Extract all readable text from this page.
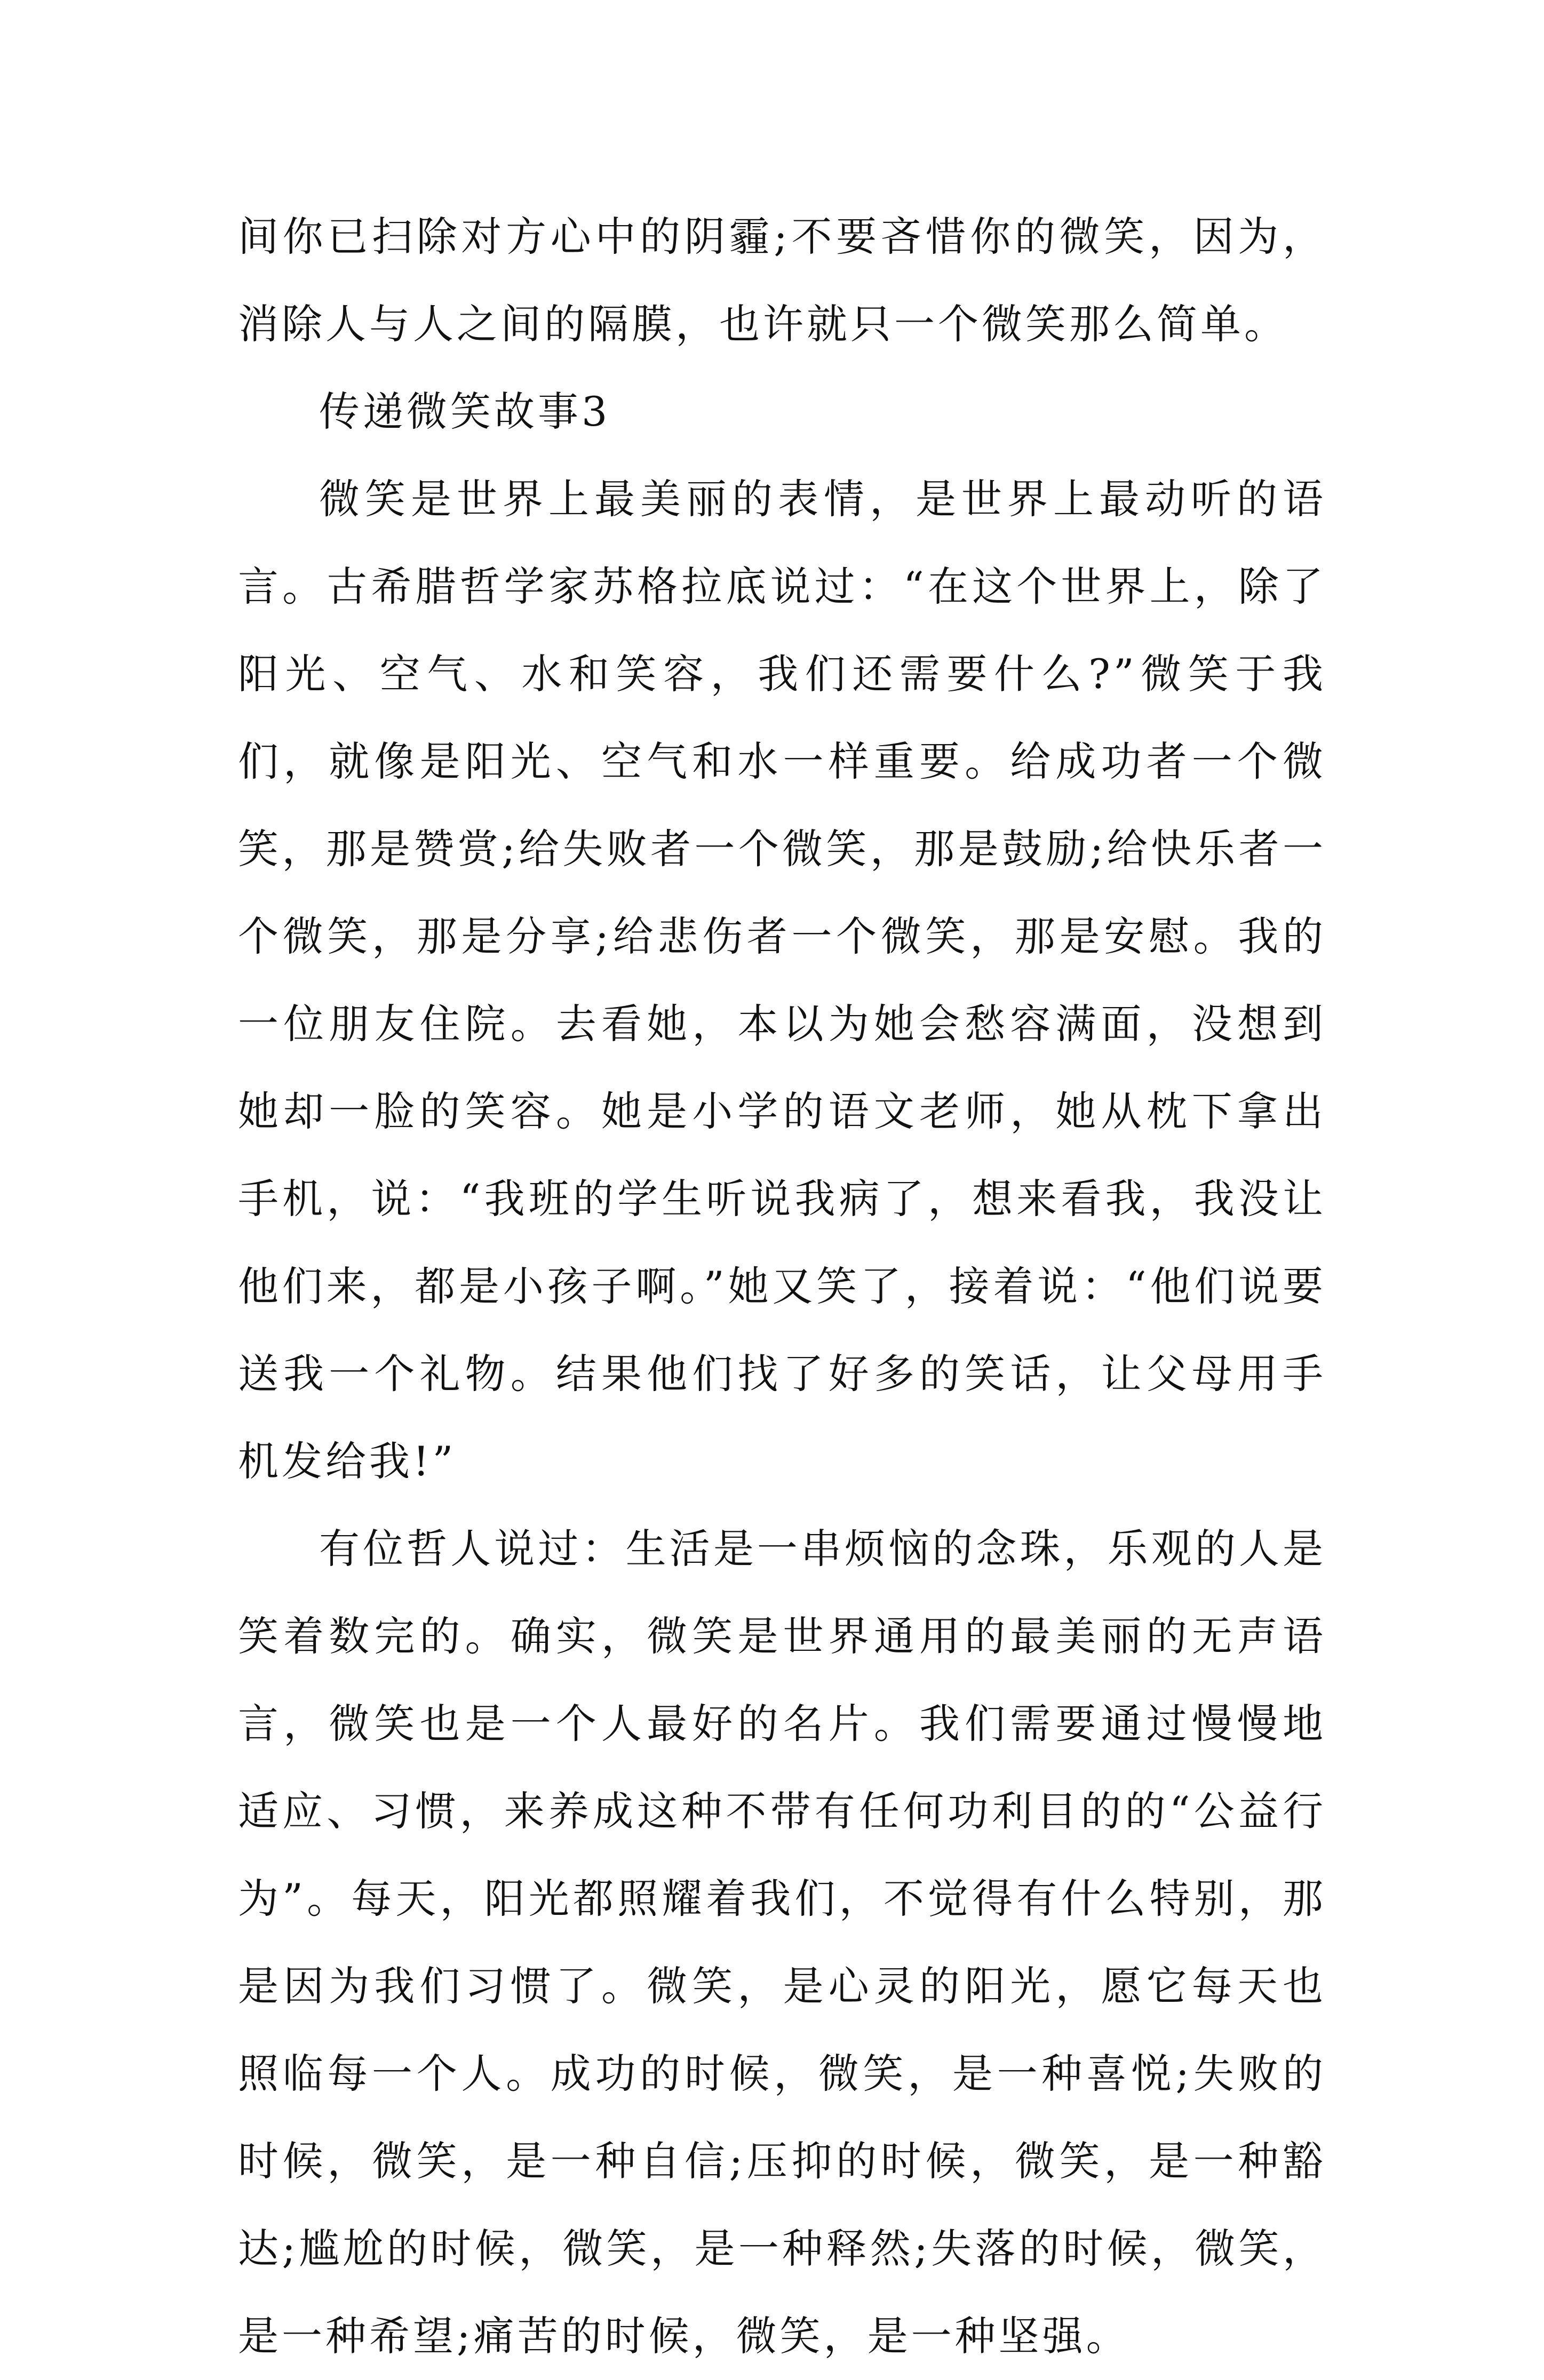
间你已扫除对方心中的阴霾;不要吝惜你的微笑，因为，消除人与人之间的隔膜，也许就只一个微笑那么简单。

传递微笑故事3

微笑是世界上最美丽的表情，是世界上最动听的语言。古希腊哲学家苏格拉底说过：“在这个世界上，除了阳光、空气、水和笑容，我们还需要什么?”微笑于我们，就像是阳光、空气和水一样重要。给成功者一个微笑，那是赞赏;给失败者一个微笑，那是鼓励;给快乐者一个微笑，那是分享;给悲伤者一个微笑，那是安慰。我的一位朋友住院。去看她，本以为她会愁容满面，没想到她却一脸的笑容。她是小学的语文老师，她从枕下拿出手机，说：“我班的学生听说我病了，想来看我，我没让他们来，都是小孩子啊。”她又笑了，接着说：“他们说要送我一个礼物。结果他们找了好多的笑话，让父母用手机发给我!”

有位哲人说过：生活是一串烦恼的念珠，乐观的人是笑着数完的。确实，微笑是世界通用的最美丽的无声语言，微笑也是一个人最好的名片。我们需要通过慢慢地适应、习惯，来养成这种不带有任何功利目的的“公益行为”。每天，阳光都照耀着我们，不觉得有什么特别，那是因为我们习惯了。微笑，是心灵的阳光，愿它每天也照临每一个人。成功的时候，微笑，是一种喜悦;失败的时候，微笑，是一种自信;压抑的时候，微笑，是一种豁达;尴尬的时候，微笑，是一种释然;失落的时候，微笑，是一种希望;痛苦的时候，微笑，是一种坚强。
